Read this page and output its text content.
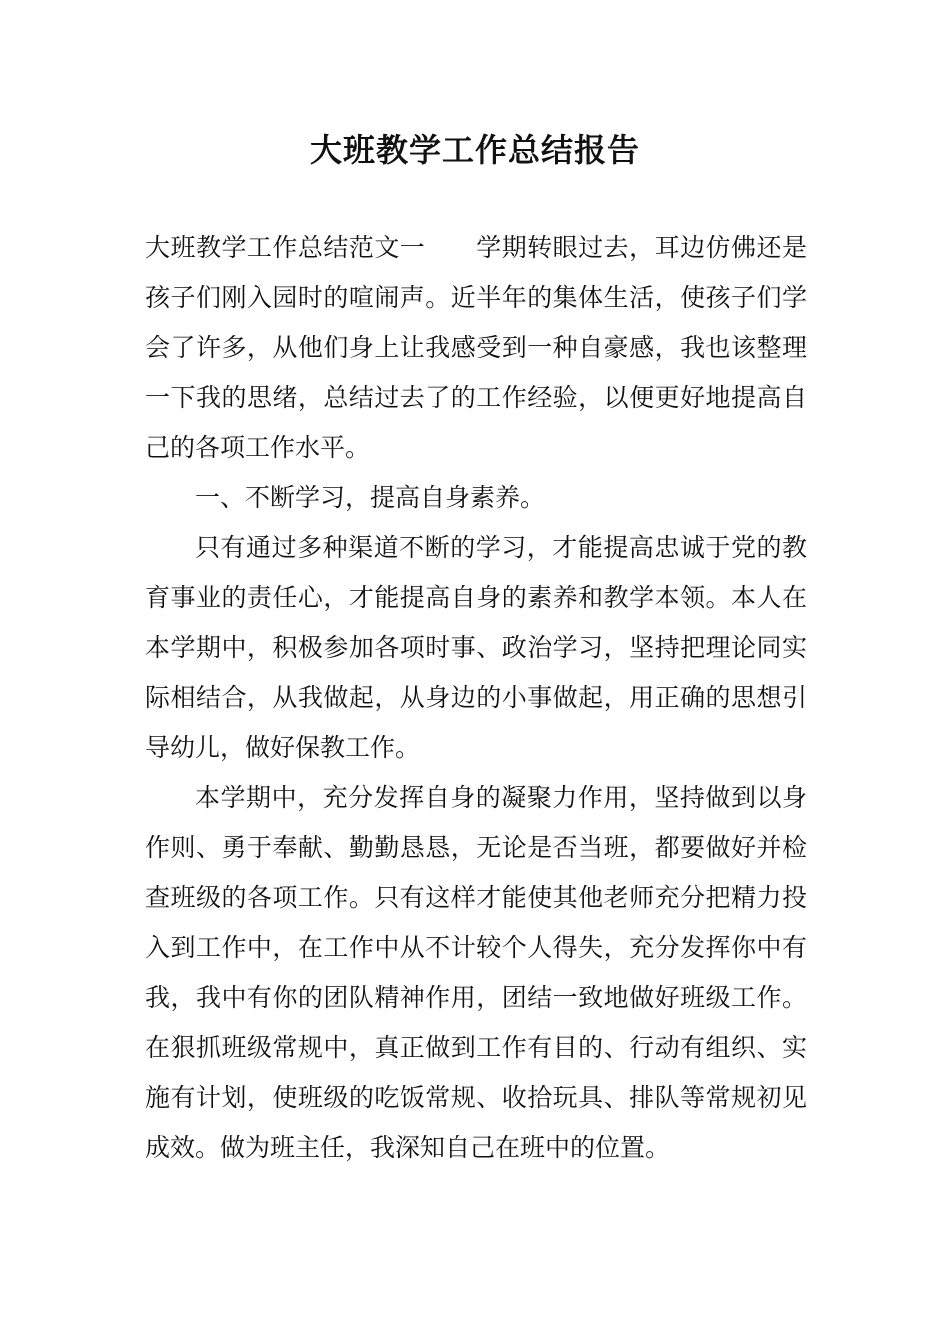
大班教学工作总结报告

大班教学工作总结范文一　　学期转眼过去，耳边仿佛还是孩子们刚入园时的喧闹声。近半年的集体生活，使孩子们学会了许多，从他们身上让我感受到一种自豪感，我也该整理一下我的思绪，总结过去了的工作经验，以便更好地提高自己的各项工作水平。

一、不断学习，提高自身素养。

只有通过多种渠道不断的学习，才能提高忠诚于党的教育事业的责任心，才能提高自身的素养和教学本领。本人在本学期中，积极参加各项时事、政治学习，坚持把理论同实际相结合，从我做起，从身边的小事做起，用正确的思想引导幼儿，做好保教工作。

本学期中，充分发挥自身的凝聚力作用，坚持做到以身作则、勇于奉献、勤勤恳恳，无论是否当班，都要做好并检查班级的各项工作。只有这样才能使其他老师充分把精力投入到工作中，在工作中从不计较个人得失，充分发挥你中有我，我中有你的团队精神作用，团结一致地做好班级工作。在狠抓班级常规中，真正做到工作有目的、行动有组织、实施有计划，使班级的吃饭常规、收拾玩具、排队等常规初见成效。做为班主任，我深知自己在班中的位置。
